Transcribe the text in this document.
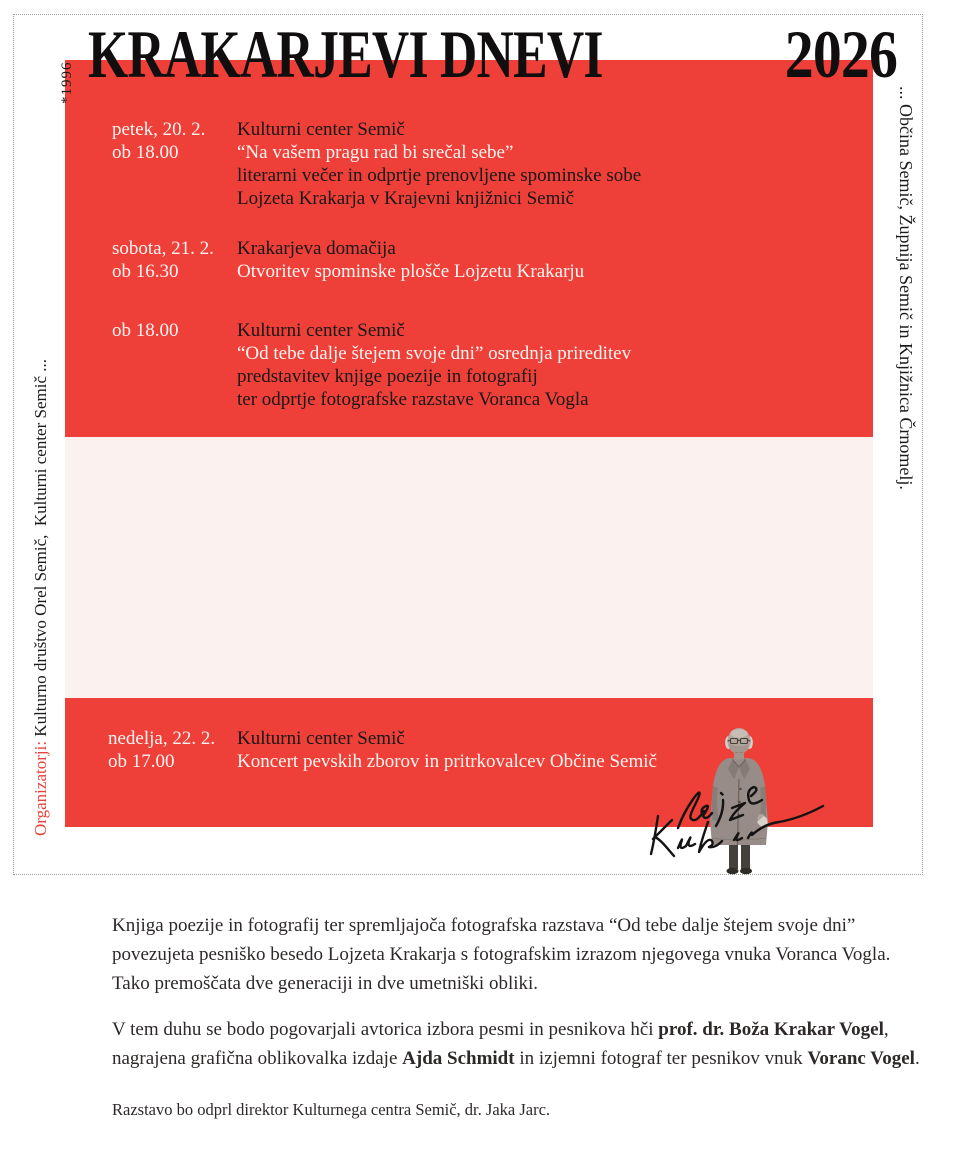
KRAKARJEVI DNEVI	2026
*1996
Organizatorji: Kulturno društvo Orel Semič,  Kulturni center Semič ...
... Občina Semič, Župnija Semič in Knjižnica Črnomelj.
petek, 20. 2.
ob 18.00
Kulturni center Semič
“Na vašem pragu rad bi srečal sebe”
literarni večer in odprtje prenovljene spominske sobe
Lojzeta Krakarja v Krajevni knjižnici Semič
sobota, 21. 2.
ob 16.30
Krakarjeva domačija
Otvoritev spominske plošče Lojzetu Krakarju
ob 18.00	Kulturni center Semič
“Od tebe dalje štejem svoje dni” osrednja prireditev
predstavitev knjige poezije in fotografij
ter odprtje fotografske razstave Voranca Vogla

Knjiga poezije in fotografij ter spremljajoča fotografska razstava “Od tebe dalje štejem svoje dni” povezujeta pesniško besedo Lojzeta Krakarja s fotografskim izrazom njegovega vnuka Voranca Vogla. Tako premoščata dve generaciji in dve umetniški obliki.

V tem duhu se bodo pogovarjali avtorica izbora pesmi in pesnikova hči prof. dr. Boža Krakar Vogel, nagrajena grafična oblikovalka izdaje Ajda Schmidt in izjemni fotograf ter pesnikov vnuk Voranc Vogel.

Razstavo bo odprl direktor Kulturnega centra Semič, dr. Jaka Jarc.

nedelja, 22. 2.
ob 17.00
Kulturni center Semič
Koncert pevskih zborov in pritrkovalcev Občine Semič
